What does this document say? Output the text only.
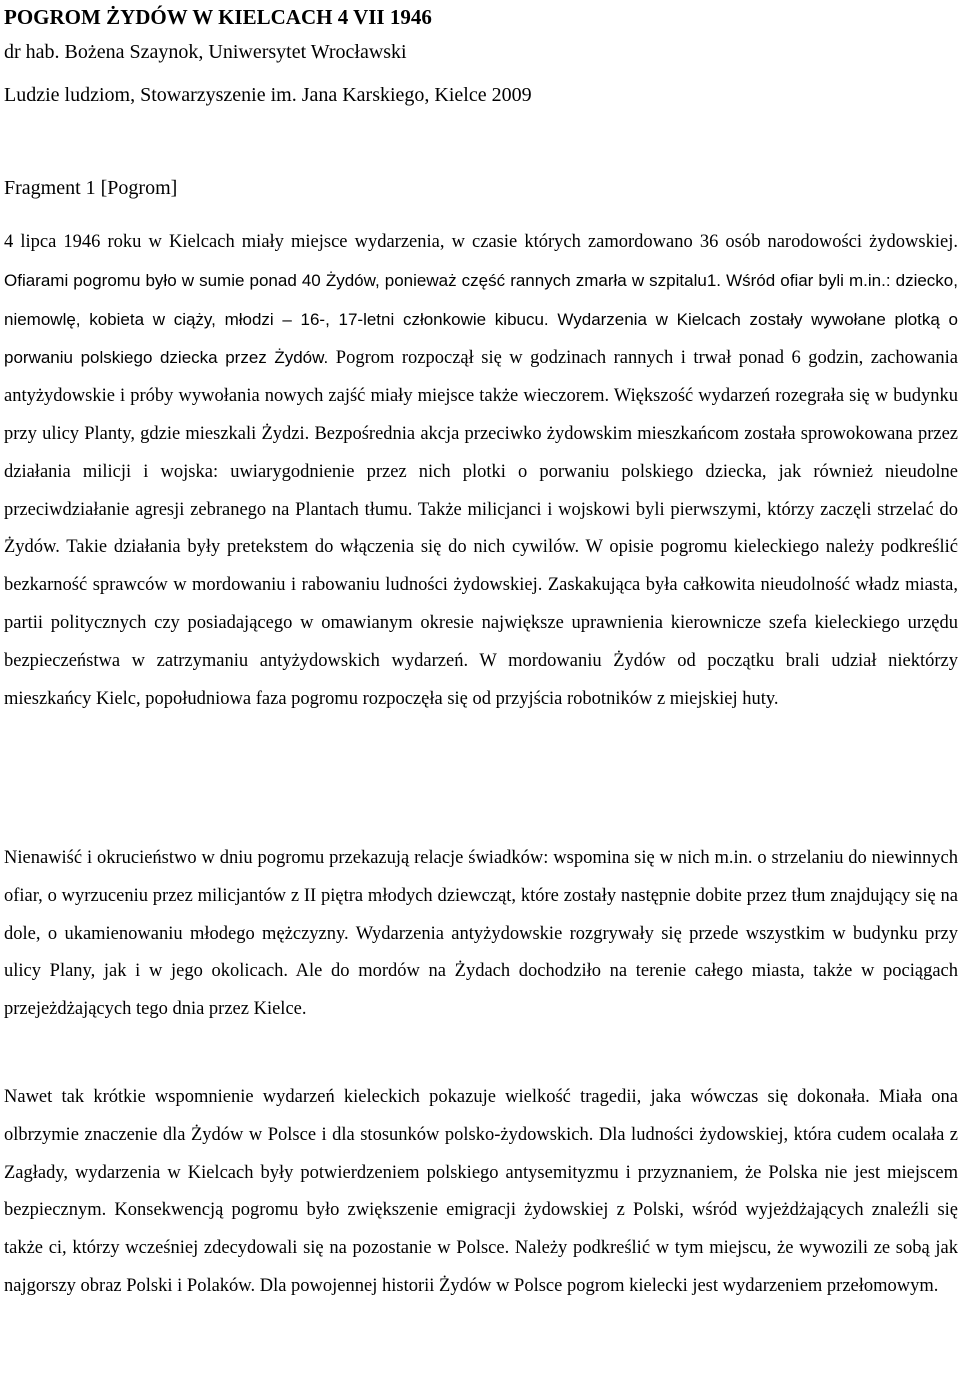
POGROM ŻYDÓW W KIELCACH 4 VII 1946
dr hab. Bożena Szaynok, Uniwersytet Wrocławski
Ludzie ludziom, Stowarzyszenie im. Jana Karskiego, Kielce 2009
Fragment 1 [Pogrom]

4 lipca 1946 roku w Kielcach miały miejsce wydarzenia, w czasie których zamordowano 36 osób narodowości żydowskiej. Ofiarami pogromu było w sumie ponad 40 Żydów, ponieważ część rannych zmarła w szpitalu1. Wśród ofiar byli m.in.: dziecko, niemowlę, kobieta w ciąży, młodzi – 16-, 17-letni członkowie kibucu. Wydarzenia w Kielcach zostały wywołane plotką o porwaniu polskiego dziecka przez Żydów. Pogrom rozpoczął się w godzinach rannych i trwał ponad 6 godzin, zachowania antyżydowskie i próby wywołania nowych zajść miały miejsce także wieczorem. Większość wydarzeń rozegrała się w budynku przy ulicy Planty, gdzie mieszkali Żydzi. Bezpośrednia akcja przeciwko żydowskim mieszkańcom została sprowokowana przez działania milicji i wojska: uwiarygodnienie przez nich plotki o porwaniu polskiego dziecka, jak również nieudolne przeciwdziałanie agresji zebranego na Plantach tłumu. Także milicjanci i wojskowi byli pierwszymi, którzy zaczęli strzelać do Żydów. Takie działania były pretekstem do włączenia się do nich cywilów. W opisie pogromu kieleckiego należy podkreślić bezkarność sprawców w mordowaniu i rabowaniu ludności żydowskiej. Zaskakująca była całkowita nieudolność władz miasta, partii politycznych czy posiadającego w omawianym okresie największe uprawnienia kierownicze szefa kieleckiego urzędu bezpieczeństwa w zatrzymaniu antyżydowskich wydarzeń. W mordowaniu Żydów od początku brali udział niektórzy mieszkańcy Kielc, popołudniowa faza pogromu rozpoczęła się od przyjścia robotników z miejskiej huty.

Nienawiść i okrucieństwo w dniu pogromu przekazują relacje świadków: wspomina się w nich m.in. o strzelaniu do niewinnych ofiar, o wyrzuceniu przez milicjantów z II piętra młodych dziewcząt, które zostały następnie dobite przez tłum znajdujący się na dole, o ukamienowaniu młodego mężczyzny. Wydarzenia antyżydowskie rozgrywały się przede wszystkim w budynku przy ulicy Plany, jak i w jego okolicach. Ale do mordów na Żydach dochodziło na terenie całego miasta, także w pociągach przejeżdżających tego dnia przez Kielce.

Nawet tak krótkie wspomnienie wydarzeń kieleckich pokazuje wielkość tragedii, jaka wówczas się dokonała. Miała ona olbrzymie znaczenie dla Żydów w Polsce i dla stosunków polsko-żydowskich. Dla ludności żydowskiej, która cudem ocalała z Zagłady, wydarzenia w Kielcach były potwierdzeniem polskiego antysemityzmu i przyznaniem, że Polska nie jest miejscem bezpiecznym. Konsekwencją pogromu było zwiększenie emigracji żydowskiej z Polski, wśród wyjeżdżających znaleźli się także ci, którzy wcześniej zdecydowali się na pozostanie w Polsce. Należy podkreślić w tym miejscu, że wywozili ze sobą jak najgorszy obraz Polski i Polaków. Dla powojennej historii Żydów w Polsce pogrom kielecki jest wydarzeniem przełomowym.
